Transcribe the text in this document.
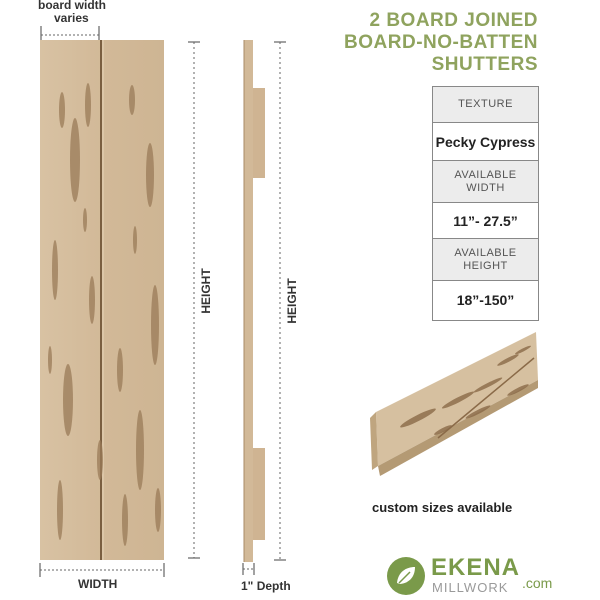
board width
varies
HEIGHT
WIDTH
HEIGHT
1" Depth
2 BOARD JOINED
BOARD-NO-BATTEN
SHUTTERS
TEXTURE
Pecky Cypress
AVAILABLE
WIDTH
11”- 27.5”
AVAILABLE
HEIGHT
18”-150”
custom sizes available
EKENA
MILLWORK .com
